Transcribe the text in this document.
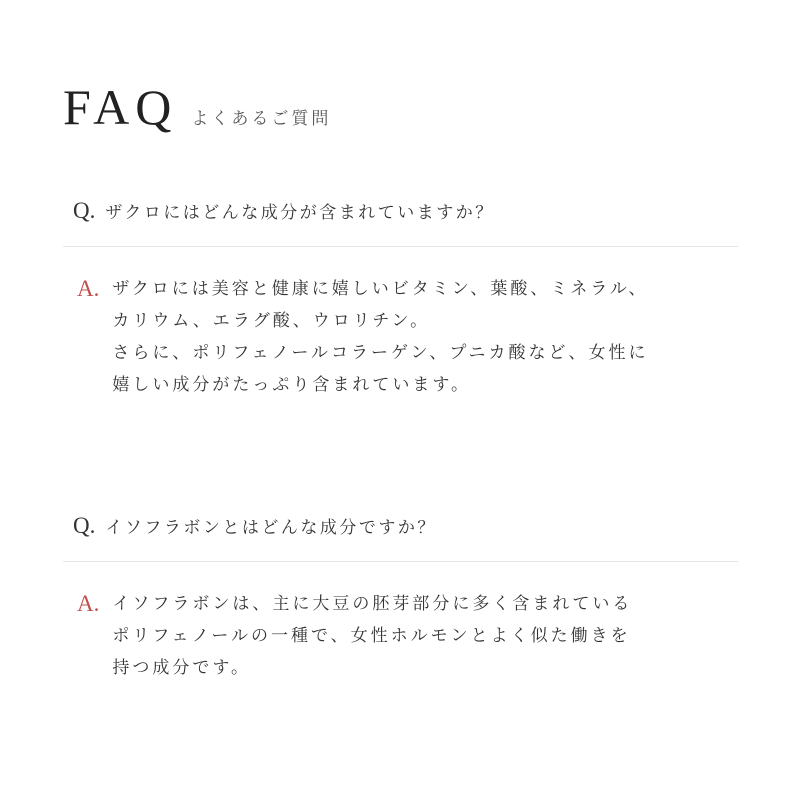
FAQ よくあるご質問
Q. ザクロにはどんな成分が含まれていますか？
A. ザクロには美容と健康に嬉しいビタミン、葉酸、ミネラル、
カリウム、エラグ酸、ウロリチン。
さらに、ポリフェノールコラーゲン、プニカ酸など、女性に
嬉しい成分がたっぷり含まれています。
Q. イソフラボンとはどんな成分ですか？
A. イソフラボンは、主に大豆の胚芽部分に多く含まれている
ポリフェノールの一種で、女性ホルモンとよく似た働きを
持つ成分です。
